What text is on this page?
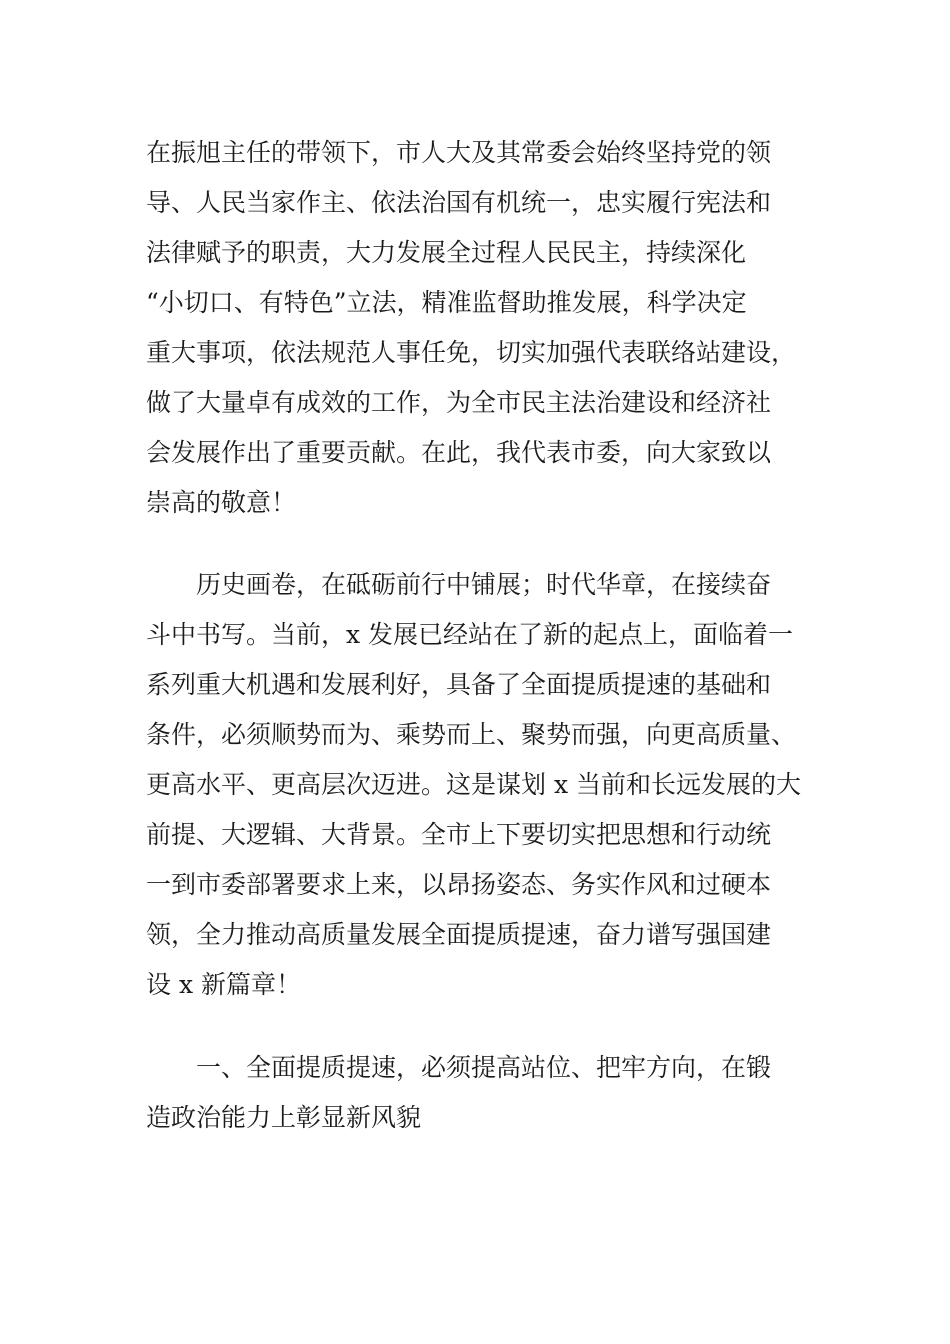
在振旭主任的带领下，市人大及其常委会始终坚持党的领
导、人民当家作主、依法治国有机统一，忠实履行宪法和
法律赋予的职责，大力发展全过程人民民主，持续深化
“小切口、有特色”立法，精准监督助推发展，科学决定
重大事项，依法规范人事任免，切实加强代表联络站建设，
做了大量卓有成效的工作，为全市民主法治建设和经济社
会发展作出了重要贡献。在此，我代表市委，向大家致以
崇高的敬意！
历史画卷，在砥砺前行中铺展；时代华章，在接续奋
斗中书写。当前，x 发展已经站在了新的起点上，面临着一
系列重大机遇和发展利好，具备了全面提质提速的基础和
条件，必须顺势而为、乘势而上、聚势而强，向更高质量、
更高水平、更高层次迈进。这是谋划 x 当前和长远发展的大
前提、大逻辑、大背景。全市上下要切实把思想和行动统
一到市委部署要求上来，以昂扬姿态、务实作风和过硬本
领，全力推动高质量发展全面提质提速，奋力谱写强国建
设 x 新篇章！
一、全面提质提速，必须提高站位、把牢方向，在锻
造政治能力上彰显新风貌
